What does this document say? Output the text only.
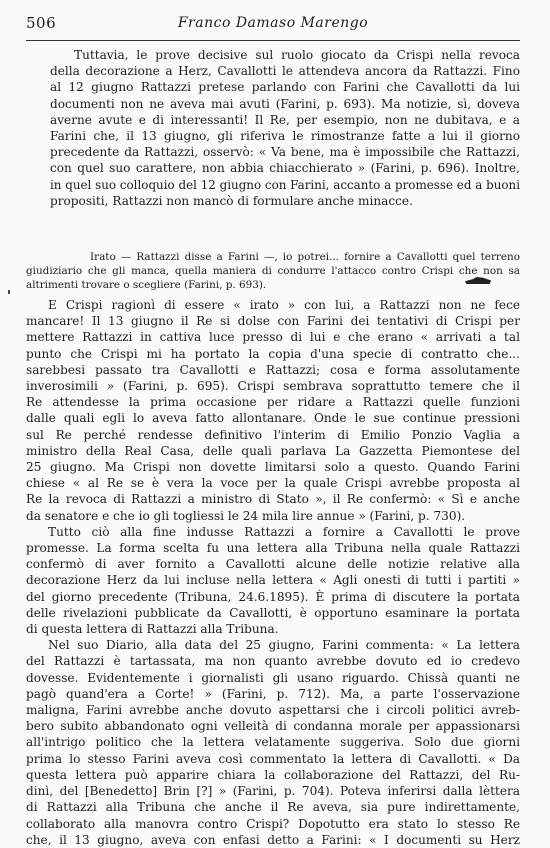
506	Franco Damaso Marengo

Tuttavia, le prove decisive sul ruolo giocato da Crispi nella revoca
della decorazione a Herz, Cavallotti le attendeva ancora da Rattazzi. Fino
al 12 giugno Rattazzi pretese parlando con Farini che Cavallotti da lui
documenti non ne aveva mai avuti (Farini, p. 693). Ma notizie, sì, doveva
averne avute e di interessanti! Il Re, per esempio, non ne dubitava, e a
Farini che, il 13 giugno, gli riferiva le rimostranze fatte a lui il giorno
precedente da Rattazzi, osservò: « Va bene, ma è impossibile che Rattazzi,
con quel suo carattere, non abbia chiacchierato » (Farini, p. 696). Inoltre,
in quel suo colloquio del 12 giugno con Farini, accanto a promesse ed a buoni
propositi, Rattazzi non mancò di formulare anche minacce.

Irato — Rattazzi disse a Farini —, io potrei... fornire a Cavallotti quel terreno
giudiziario che gli manca, quella maniera di condurre l'attacco contro Crispi che non sa
altrimenti trovare o scegliere (Farini, p. 693).

E Crispi ragionì di essere « irato » con lui, a Rattazzi non ne fece
mancare! Il 13 giugno il Re si dolse con Farini dei tentativi di Crispi per
mettere Rattazzi in cattiva luce presso di lui e che erano « arrivati a tal
punto che Crispi mi ha portato la copia d'una specie di contratto che...
sarebbesi passato tra Cavallotti e Rattazzi; cosa e forma assolutamente
inverosimili » (Farini, p. 695). Crispi sembrava soprattutto temere che il
Re attendesse la prima occasione per ridare a Rattazzi quelle funzioni
dalle quali egli lo aveva fatto allontanare. Onde le sue continue pressioni
sul Re perché rendesse definitivo l'interim di Emilio Ponzio Vaglia a
ministro della Real Casa, delle quali parlava La Gazzetta Piemontese del
25 giugno. Ma Crispi non dovette limitarsi solo a questo. Quando Farini
chiese « al Re se è vera la voce per la quale Crispi avrebbe proposta al
Re la revoca di Rattazzi a ministro di Stato », il Re confermò: « Sì e anche
da senatore e che io gli togliessi le 24 mila lire annue » (Farini, p. 730).

Tutto ciò alla fine indusse Rattazzi a fornire a Cavallotti le prove
promesse. La forma scelta fu una lettera alla Tribuna nella quale Rattazzi
confermò di aver fornito a Cavallotti alcune delle notizie relative alla
decorazione Herz da lui incluse nella lettera « Agli onesti di tutti i partiti »
del giorno precedente (Tribuna, 24.6.1895). È prima di discutere la portata
delle rivelazioni pubblicate da Cavallotti, è opportuno esaminare la portata
di questa lettera di Rattazzi alla Tribuna.

Nel suo Diario, alla data del 25 giugno, Farini commenta: « La lettera
del Rattazzi è tartassata, ma non quanto avrebbe dovuto ed io credevo
dovesse. Evidentemente i giornalisti gli usano riguardo. Chissà quanti ne
pagò quand'era a Corte! » (Farini, p. 712). Ma, a parte l'osservazione
maligna, Farini avrebbe anche dovuto aspettarsi che i circoli politici avreb-
bero subito abbandonato ogni velleità di condanna morale per appassionarsi
all'intrigo politico che la lettera velatamente suggeriva. Solo due giorni
prima lo stesso Farini aveva così commentato la lettera di Cavallotti. « Da
questa lettera può apparire chiara la collaborazione del Rattazzi, del Ru-
dinì, del [Benedetto] Brin [?] » (Farini, p. 704). Poteva inferirsi dalla lèttera
di Rattazzi alla Tribuna che anche il Re aveva, sia pure indirettamente,
collaborato alla manovra contro Crispi? Dopotutto era stato lo stesso Re
che, il 13 giugno, aveva con enfasi detto a Farini: « I documenti su Herz
